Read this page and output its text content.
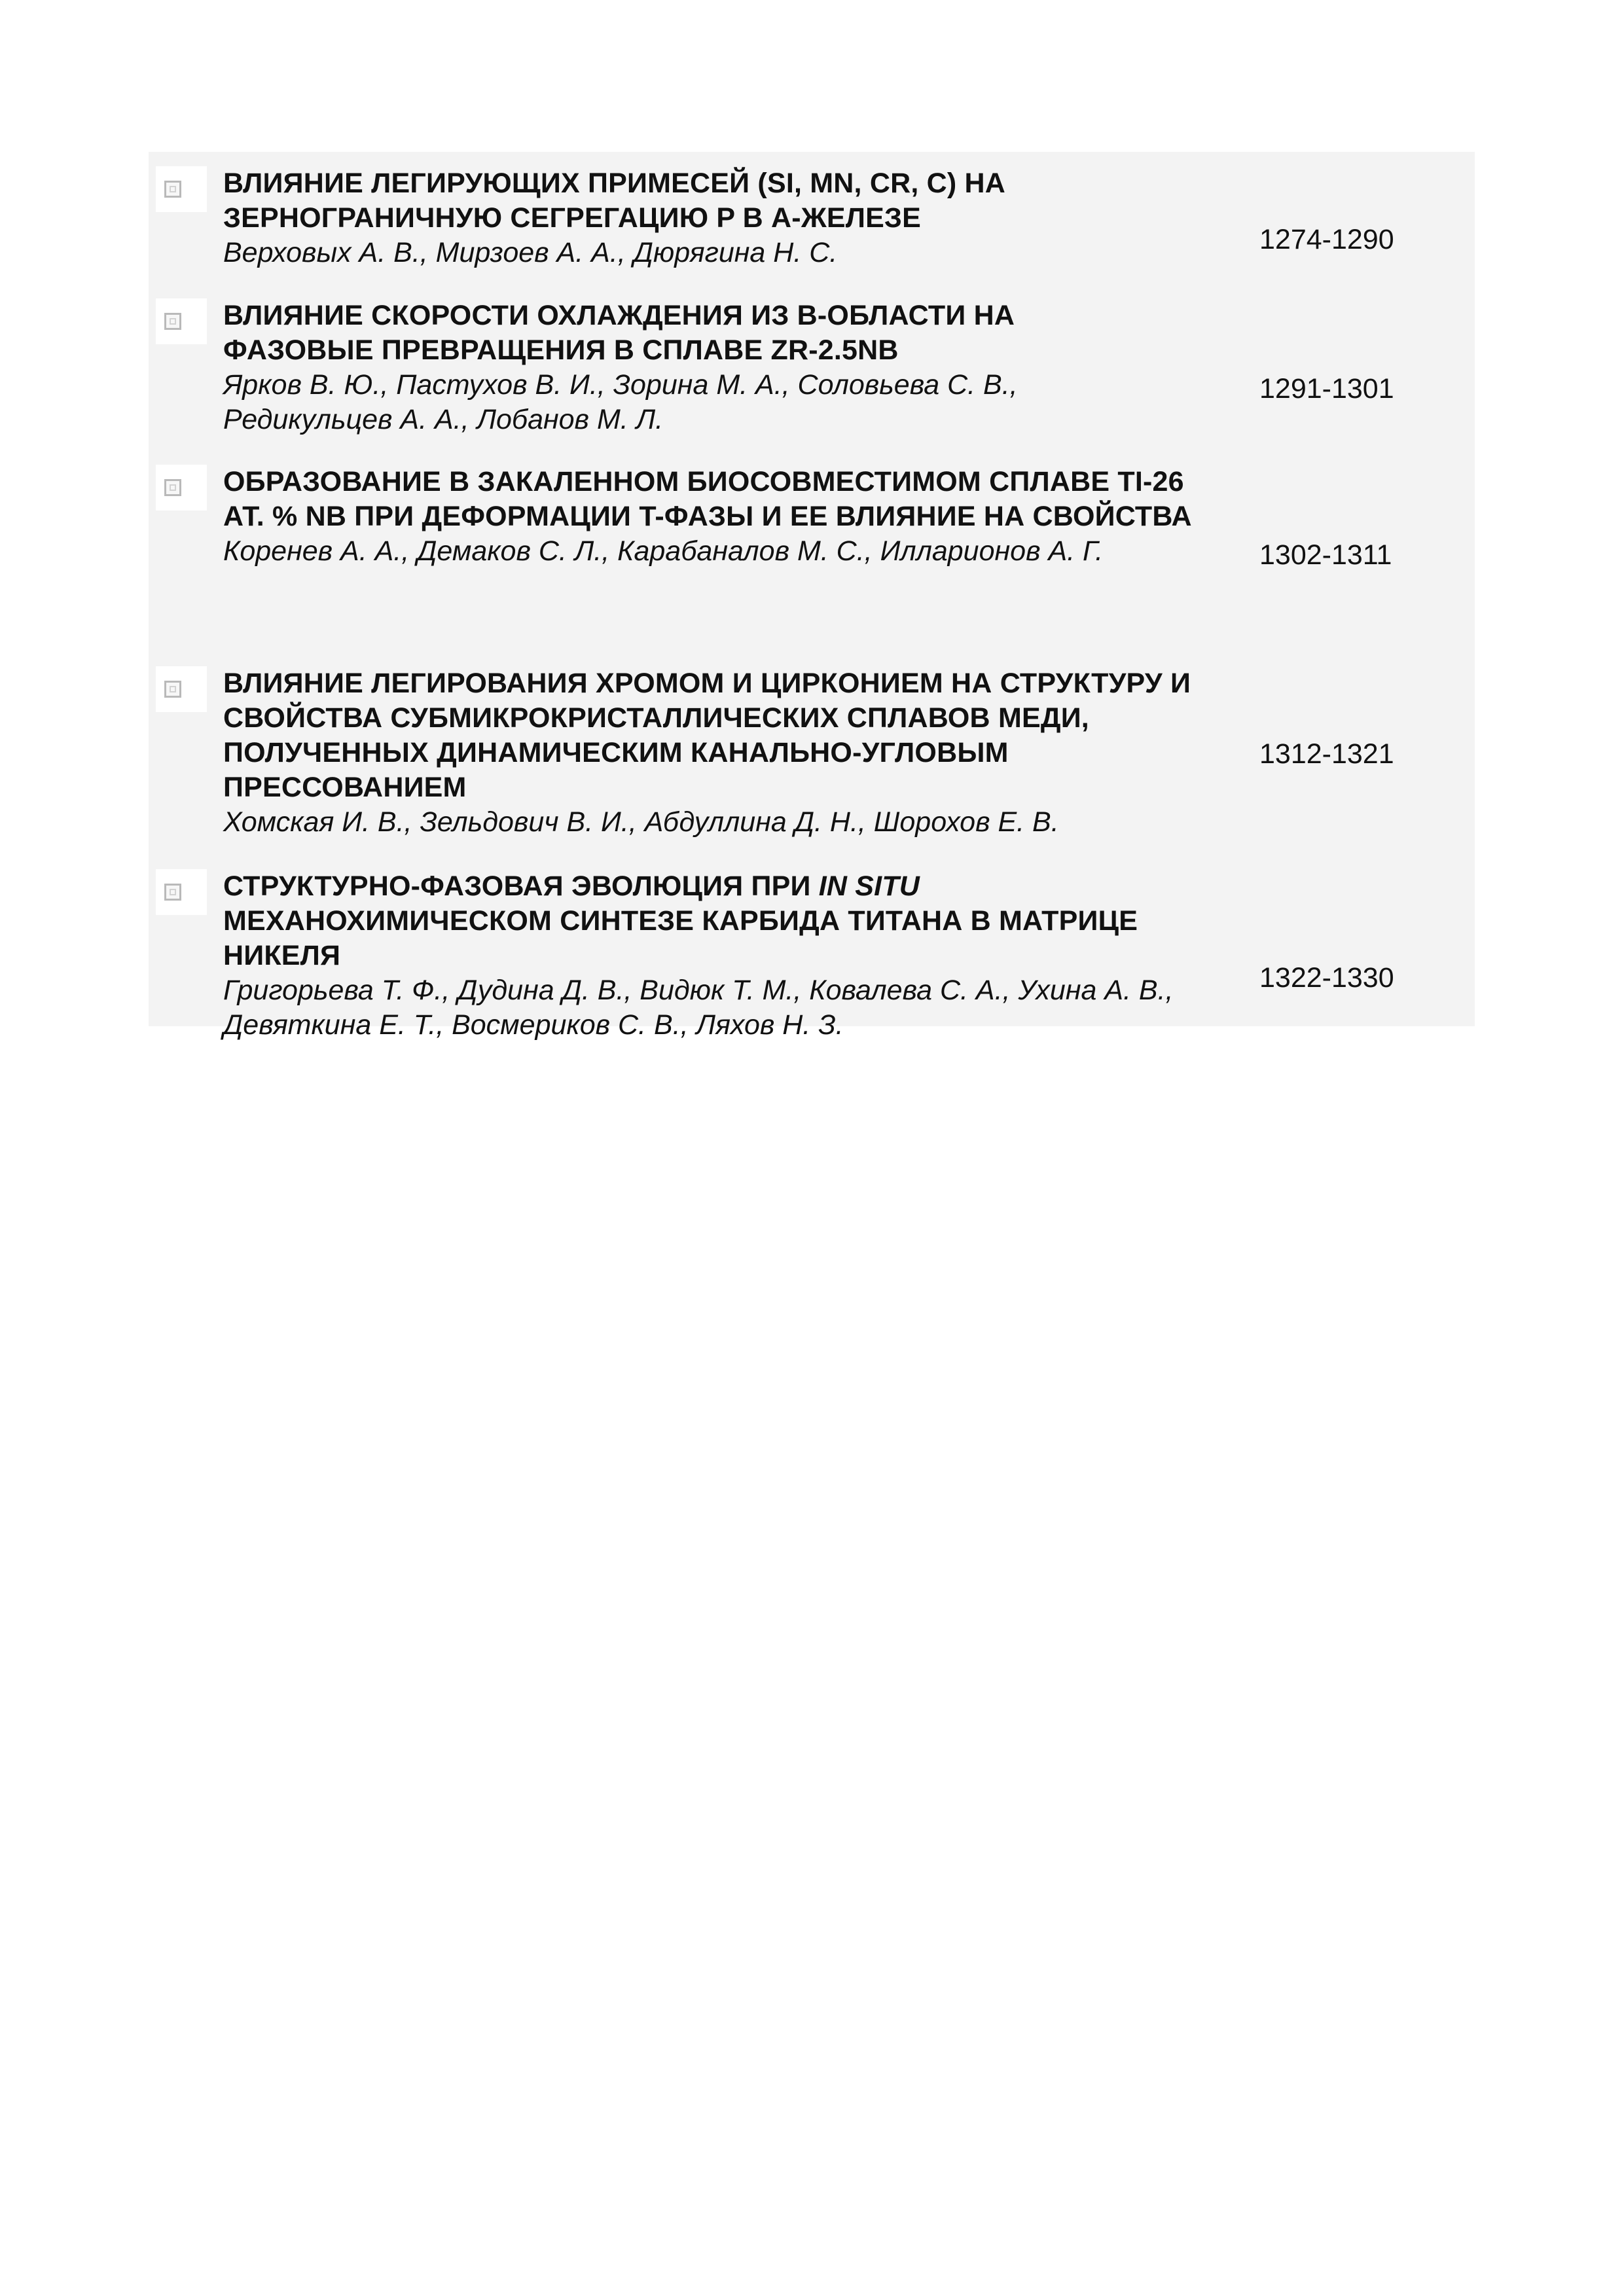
ВЛИЯНИЕ ЛЕГИРУЮЩИХ ПРИМЕСЕЙ (SI, MN, CR, C) НА ЗЕРНОГРАНИЧНУЮ СЕГРЕГАЦИЮ P В Α-ЖЕЛЕЗЕ
Верховых А. В., Мирзоев А. А., Дюрягина Н. С.	1274-1290
ВЛИЯНИЕ СКОРОСТИ ОХЛАЖДЕНИЯ ИЗ Β-ОБЛАСТИ НА ФАЗОВЫЕ ПРЕВРАЩЕНИЯ В СПЛАВЕ ZR-2.5NB
Ярков В. Ю., Пастухов В. И., Зорина М. А., Соловьева С. В., Редикульцев А. А., Лобанов М. Л.
1291-1301
ОБРАЗОВАНИЕ В ЗАКАЛЕННОМ БИОСОВМЕСТИМОМ СПЛАВЕ TI-26 АТ. % NB ПРИ ДЕФОРМАЦИИ Τ-ФАЗЫ И ЕЕ ВЛИЯНИЕ НА СВОЙСТВА
Коренев А. А., Демаков С. Л., Карабаналов М. С., Илларионов А. Г.	1302-1311
ВЛИЯНИЕ ЛЕГИРОВАНИЯ ХРОМОМ И ЦИРКОНИЕМ НА СТРУКТУРУ И СВОЙСТВА СУБМИКРОКРИСТАЛЛИЧЕСКИХ СПЛАВОВ МЕДИ, ПОЛУЧЕННЫХ ДИНАМИЧЕСКИМ КАНАЛЬНО-УГЛОВЫМ ПРЕССОВАНИЕМ
Хомская И. В., Зельдович В. И., Абдуллина Д. Н., Шорохов Е. В.
1312-1321
СТРУКТУРНО-ФАЗОВАЯ ЭВОЛЮЦИЯ ПРИ IN SITU МЕХАНОХИМИЧЕСКОМ СИНТЕЗЕ КАРБИДА ТИТАНА В МАТРИЦЕ НИКЕЛЯ
Григорьева Т. Ф., Дудина Д. В., Видюк Т. М., Ковалева С. А., Ухина А. В., Девяткина Е. Т., Восмериков С. В., Ляхов Н. З.
1322-1330
